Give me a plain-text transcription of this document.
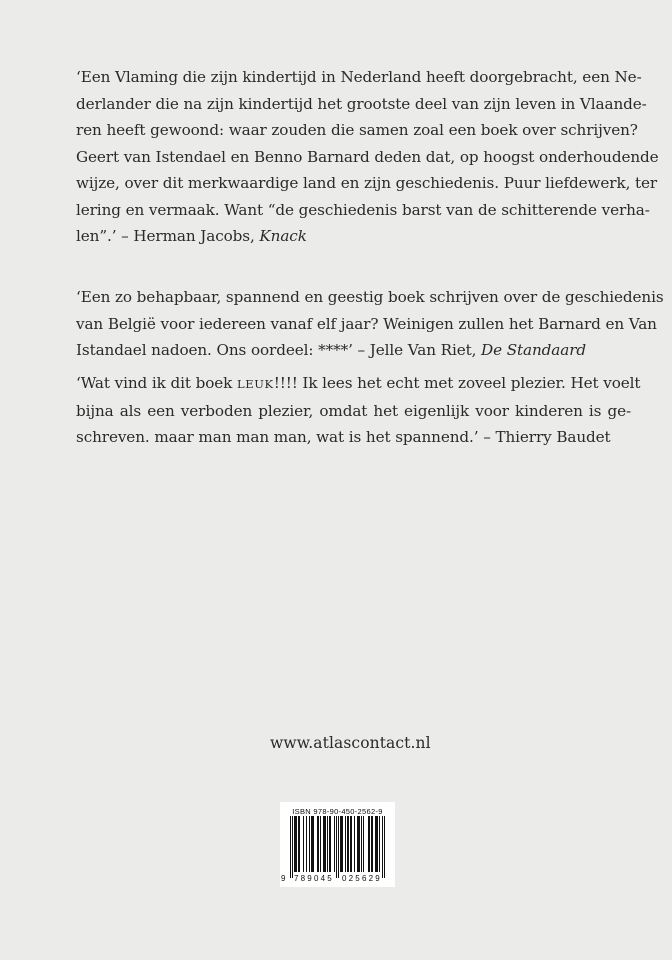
‘Een Vlaming die zijn kindertijd in Nederland heeft doorgebracht, een Ne-
derlander die na zijn kindertijd het grootste deel van zijn leven in Vlaande-
ren heeft gewoond: waar zouden die samen zoal een boek over schrijven?
Geert van Istendael en Benno Barnard deden dat, op hoogst onderhoudende
wijze, over dit merkwaardige land en zijn geschiedenis. Puur liefdewerk, ter
lering en vermaak. Want “de geschiedenis barst van de schitterende verha-
len”.’ – Herman Jacobs, Knack
‘Een zo behapbaar, spannend en geestig boek schrijven over de geschiedenis
van België voor iedereen vanaf elf jaar? Weinigen zullen het Barnard en Van
Istandael nadoen. Ons oordeel: ****’ – Jelle Van Riet, De Standaard
‘Wat vind ik dit boek LEUK!!!! Ik lees het echt met zoveel plezier. Het voelt
bijna als een verboden plezier, omdat het eigenlijk voor kinderen is ge-
schreven. maar man man man, wat is het spannend.’ – Thierry Baudet
www.atlascontact.nl
ISBN 978-90-450-2562-9
9 789045 025629
